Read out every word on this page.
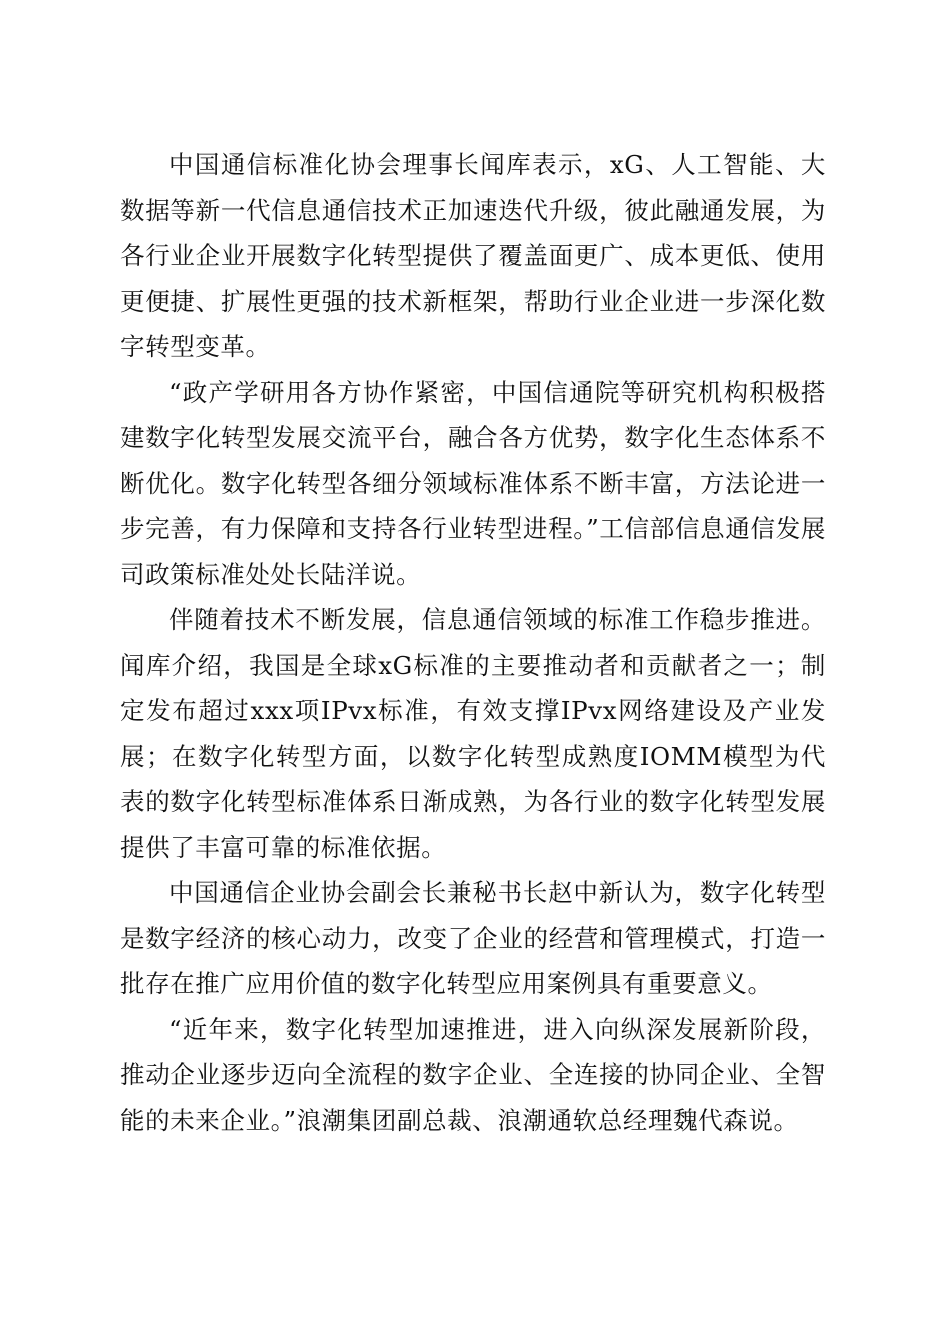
中国通信标准化协会理事长闻库表示，xG、人工智能、大数据等新一代信息通信技术正加速迭代升级，彼此融通发展，为各行业企业开展数字化转型提供了覆盖面更广、成本更低、使用更便捷、扩展性更强的技术新框架，帮助行业企业进一步深化数字转型变革。

“政产学研用各方协作紧密，中国信通院等研究机构积极搭建数字化转型发展交流平台，融合各方优势，数字化生态体系不断优化。数字化转型各细分领域标准体系不断丰富，方法论进一步完善，有力保障和支持各行业转型进程。”工信部信息通信发展司政策标准处处长陆洋说。

伴随着技术不断发展，信息通信领域的标准工作稳步推进。闻库介绍，我国是全球xG标准的主要推动者和贡献者之一；制定发布超过xxx项IPvx标准，有效支撑IPvx网络建设及产业发展；在数字化转型方面，以数字化转型成熟度IOMM模型为代表的数字化转型标准体系日渐成熟，为各行业的数字化转型发展提供了丰富可靠的标准依据。

中国通信企业协会副会长兼秘书长赵中新认为，数字化转型是数字经济的核心动力，改变了企业的经营和管理模式，打造一批存在推广应用价值的数字化转型应用案例具有重要意义。

“近年来，数字化转型加速推进，进入向纵深发展新阶段，推动企业逐步迈向全流程的数字企业、全连接的协同企业、全智能的未来企业。”浪潮集团副总裁、浪潮通软总经理魏代森说。
